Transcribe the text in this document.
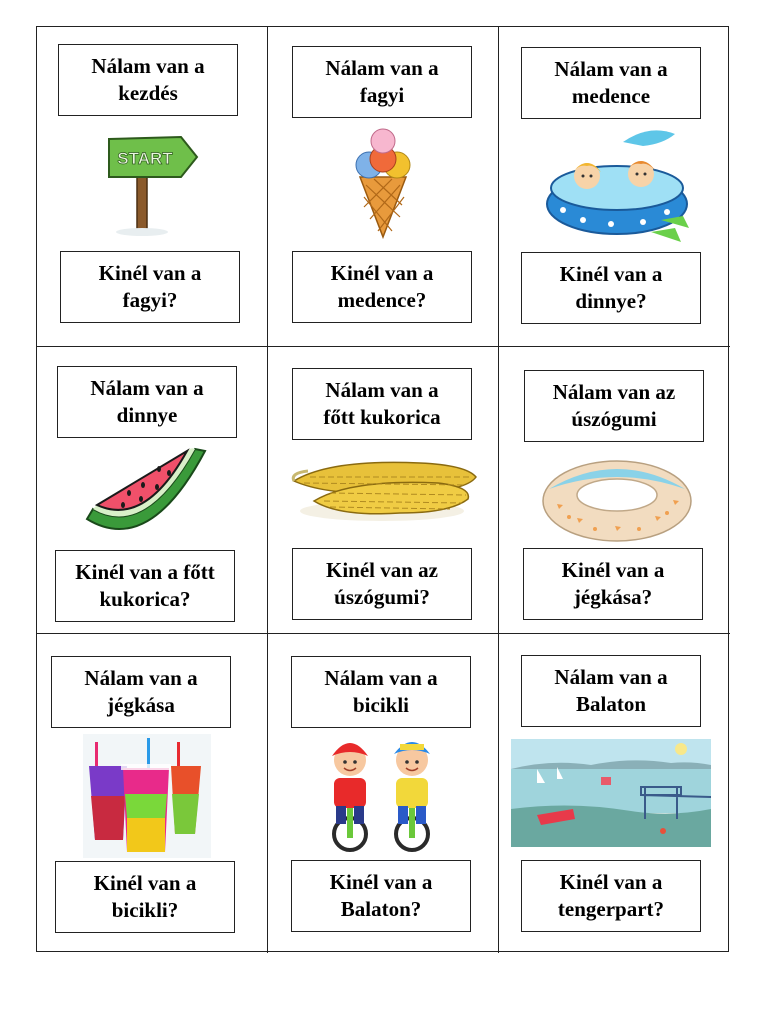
Nálam van a
kezdés
START
Kinél van a
fagyi?
Nálam van a
fagyi
Kinél van a
medence?
Nálam van a
medence
Kinél van a
dinnye?
Nálam van a
dinnye
Kinél van a főtt
kukorica?
Nálam van a
főtt kukorica
Kinél van az
úszógumi?
Nálam van az
úszógumi
Kinél van a
jégkása?
Nálam van a
jégkása
Kinél van a
bicikli?
Nálam van a
bicikli
Kinél van a
Balaton?
Nálam van a
Balaton
Kinél van a
tengerpart?
